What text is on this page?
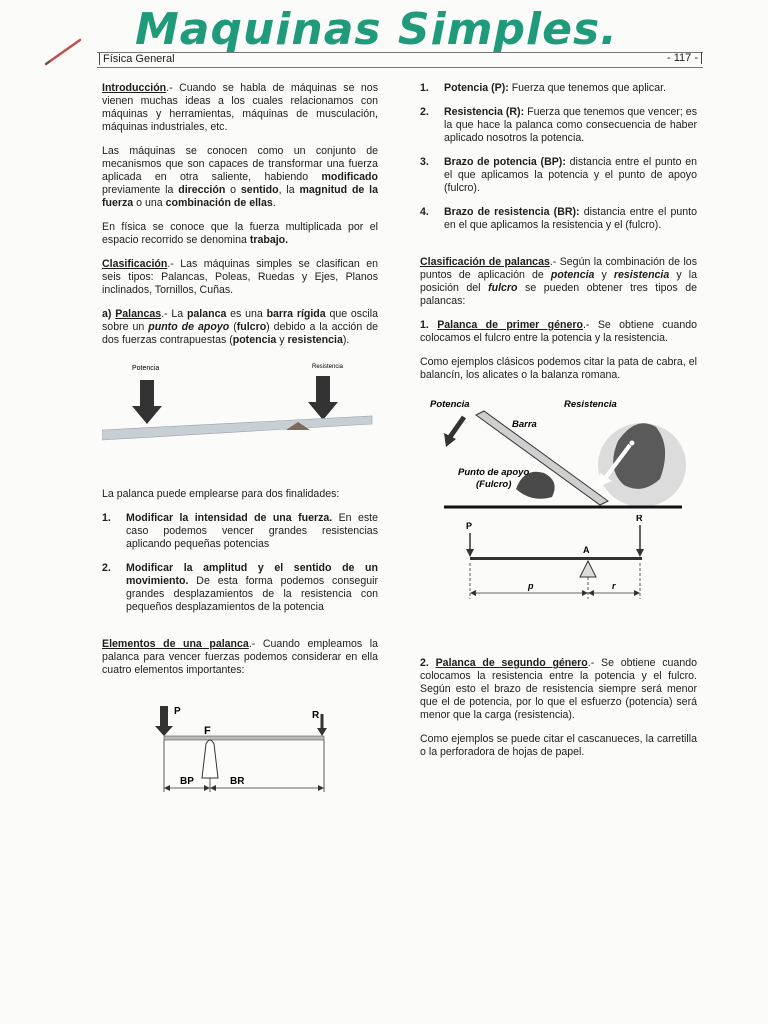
Maquinas Simples.
Física General	- 117 -

Introducción.- Cuando se habla de máquinas se nos vienen muchas ideas a los cuales relacionamos con máquinas y herramientas, máquinas de musculación, máquinas industriales, etc.

Las máquinas se conocen como un conjunto de mecanismos que son capaces de transformar una fuerza aplicada en otra saliente, habiendo modificado previamente la dirección o sentido, la magnitud de la fuerza o una combinación de ellas.

En física se conoce que la fuerza multiplicada por el espacio recorrido se denomina trabajo.

Clasificación.- Las máquinas simples se clasifican en seis tipos: Palancas, Poleas, Ruedas y Ejes, Planos inclinados, Tornillos, Cuñas.

a) Palancas.- La palanca es una barra rígida que oscila sobre un punto de apoyo (fulcro) debido a la acción de dos fuerzas contrapuestas (potencia y resistencia).

Potencia	Resistencia

La palanca puede emplearse para dos finalidades:

1. Modificar la intensidad de una fuerza. En este caso podemos vencer grandes resistencias aplicando pequeñas potencias
2. Modificar la amplitud y el sentido de un movimiento. De esta forma podemos conseguir grandes desplazamientos de la resistencia con pequeños desplazamientos de la potencia

Elementos de una palanca.- Cuando empleamos la palanca para vencer fuerzas podemos considerar en ella cuatro elementos importantes:

P	R
F
BP	BR
1. Potencia (P): Fuerza que tenemos que aplicar.
2. Resistencia (R): Fuerza que tenemos que vencer; es la que hace la palanca como consecuencia de haber aplicado nosotros la potencia.
3. Brazo de potencia (BP): distancia entre el punto en el que aplicamos la potencia y el punto de apoyo (fulcro).
4. Brazo de resistencia (BR): distancia entre el punto en el que aplicamos la resistencia y el (fulcro).

Clasificación de palancas.- Según la combinación de los puntos de aplicación de potencia y resistencia y la posición del fulcro se pueden obtener tres tipos de palancas:

1. Palanca de primer género.- Se obtiene cuando colocamos el fulcro entre la potencia y la resistencia.

Como ejemplos clásicos podemos citar la pata de cabra, el balancín, los alicates o la balanza romana.

Potencia	Resistencia
Barra
Punto de apoyo
(Fulcro)
P
R
A
p	r

2. Palanca de segundo género.- Se obtiene cuando colocamos la resistencia entre la potencia y el fulcro. Según esto el brazo de resistencia siempre será menor que el de potencia, por lo que el esfuerzo (potencia) será menor que la carga (resistencia).

Como ejemplos se puede citar el cascanueces, la carretilla o la perforadora de hojas de papel.
